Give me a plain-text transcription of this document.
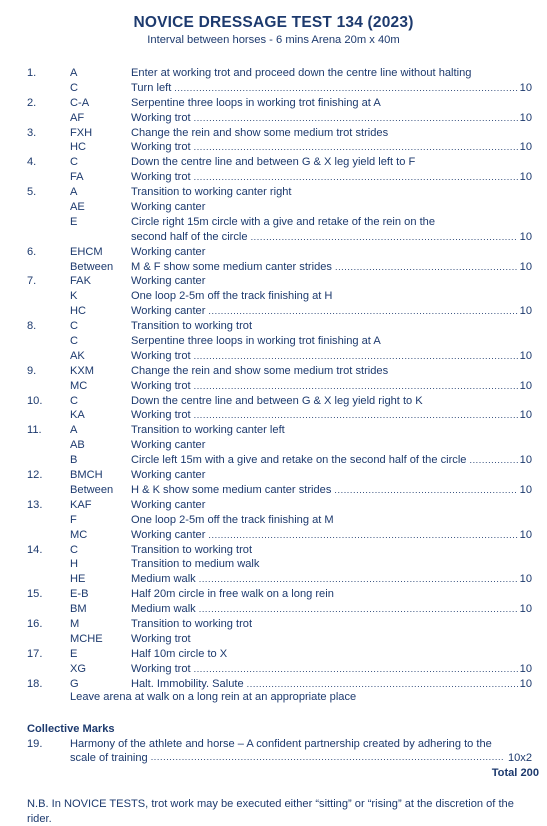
NOVICE DRESSAGE TEST 134 (2023)
Interval between horses - 6 mins Arena 20m x 40m
1.	A	Enter at working trot and proceed down the centre line without halting
C	Turn left .....	10
2.	C-A	Serpentine three loops in working trot finishing at A
AF	Working trot .....	10
3.	FXH	Change the rein and show some medium trot strides
HC	Working trot .....	10
4.	C	Down the centre line and between G & X leg yield left to F
FA	Working trot .....	10
5.	A	Transition to working canter right
AE	Working canter
E	Circle right 15m circle with a give and retake of the rein on the
second half of the circle .....	10
6.	EHCM	Working canter
Between M & F show some medium canter strides .....	10
7.	FAK	Working canter
K	One loop 2-5m off the track finishing at H
HC	Working canter .....	10
8.	C	Transition to working trot
C	Serpentine three loops in working trot finishing at A
AK	Working trot .....	10
9.	KXM	Change the rein and show some medium trot strides
MC	Working trot .....	10
10. C	Down the centre line and between G & X leg yield right to K
KA	Working trot .....	10
11.	A	Transition to working canter left
AB	Working canter
B	Circle left 15m with a give and retake on the second half of the circle .....	10
12. BMCH	Working canter
Between H & K show some medium canter strides .....	10
13. KAF	Working canter
F	One loop 2-5m off the track finishing at M
MC	Working canter .....	10
14. C	Transition to working trot
H	Transition to medium walk
HE	Medium walk .....	10
15. E-B	Half 20m circle in free walk on a long rein
BM	Medium walk .....	10
16. M	Transition to working trot
MCHE	Working trot
17. E	Half 10m circle to X
XG	Working trot .....	10
18. G	Halt. Immobility. Salute .....	10
Leave arena at walk on a long rein at an appropriate place
Collective Marks
19. Harmony of the athlete and horse – A confident partnership created by adhering to the
scale of training .....	10x2
Total 200
N.B. In NOVICE TESTS, trot work may be executed either “sitting” or “rising” at the discretion of the rider.
